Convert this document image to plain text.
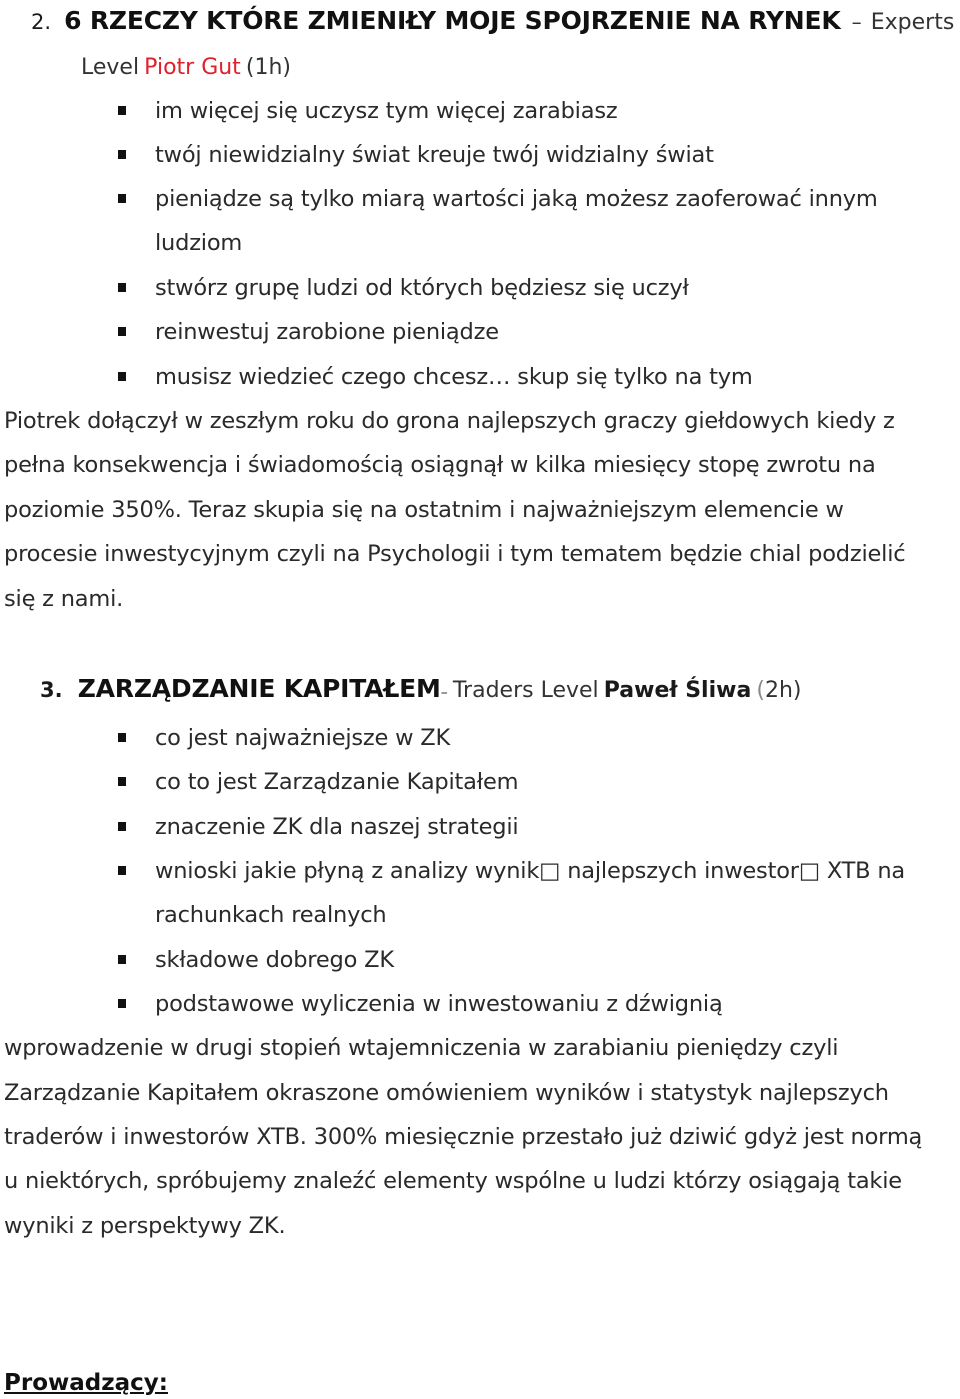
2. 6 RZECZY KTÓRE ZMIENIŁY MOJE SPOJRZENIE NA RYNEK – Experts
Level Piotr Gut (1h)
im więcej się uczysz tym więcej zarabiasz
twój niewidzialny świat kreuje twój widzialny świat
pieniądze są tylko miarą wartości jaką możesz zaoferować innym
ludziom
stwórz grupę ludzi od których będziesz się uczył
reinwestuj zarobione pieniądze
musisz wiedzieć czego chcesz… skup się tylko na tym
Piotrek dołączył w zeszłym roku do grona najlepszych graczy giełdowych kiedy z
pełna konsekwencja i świadomością osiągnął w kilka miesięcy stopę zwrotu na
poziomie 350%. Teraz skupia się na ostatnim i najważniejszym elemencie w
procesie inwestycyjnym czyli na Psychologii i tym tematem będzie chial podzielić
się z nami.
3. ZARZĄDZANIE KAPITAŁEM– Traders Level Paweł Śliwa (2h)
co jest najważniejsze w ZK
co to jest Zarządzanie Kapitałem
znaczenie ZK dla naszej strategii
wnioski jakie płyną z analizy wynik□ najlepszych inwestor□ XTB na
rachunkach realnych
składowe dobrego ZK
podstawowe wyliczenia w inwestowaniu z dźwignią
wprowadzenie w drugi stopień wtajemniczenia w zarabianiu pieniędzy czyli
Zarządzanie Kapitałem okraszone omówieniem wyników i statystyk najlepszych
traderów i inwestorów XTB. 300% miesięcznie przestało już dziwić gdyż jest normą
u niektórych, spróbujemy znaleźć elementy wspólne u ludzi którzy osiągają takie
wyniki z perspektywy ZK.
Prowadzący:
